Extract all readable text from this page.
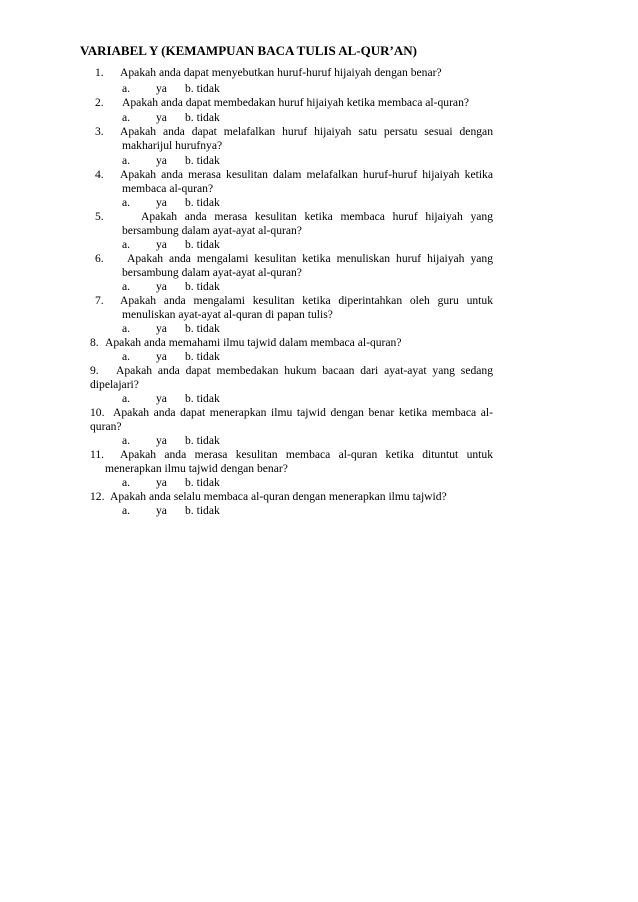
VARIABEL Y (KEMAMPUAN BACA TULIS AL-QUR’AN)
1. Apakah anda dapat menyebutkan huruf-huruf hijaiyah dengan benar?
a. ya b. tidak
2. Apakah anda dapat membedakan huruf hijaiyah ketika membaca al-quran?
a. ya b. tidak
3. Apakah anda dapat melafalkan huruf hijaiyah satu persatu sesuai dengan
makharijul hurufnya?
a. ya b. tidak
4. Apakah anda merasa kesulitan dalam melafalkan huruf-huruf hijaiyah ketika
membaca al-quran?
a. ya b. tidak
5.	Apakah anda merasa kesulitan ketika membaca huruf hijaiyah yang
bersambung dalam ayat-ayat al-quran?
a. ya b. tidak
6. Apakah anda mengalami kesulitan ketika menuliskan huruf hijaiyah yang
bersambung dalam ayat-ayat al-quran?
a. ya b. tidak
7. Apakah anda mengalami kesulitan ketika diperintahkan oleh guru untuk
menuliskan ayat-ayat al-quran di papan tulis?
a. ya b. tidak
8. Apakah anda memahami ilmu tajwid dalam membaca al-quran?
a. ya b. tidak
9. Apakah anda dapat membedakan hukum bacaan dari ayat-ayat yang sedang
dipelajari?
a. ya b. tidak
10. Apakah anda dapat menerapkan ilmu tajwid dengan benar ketika membaca al-
quran?
a. ya b. tidak
11. Apakah anda merasa kesulitan membaca al-quran ketika dituntut untuk
menerapkan ilmu tajwid dengan benar?
a. ya b. tidak
12. Apakah anda selalu membaca al-quran dengan menerapkan ilmu tajwid?
a. ya b. tidak
